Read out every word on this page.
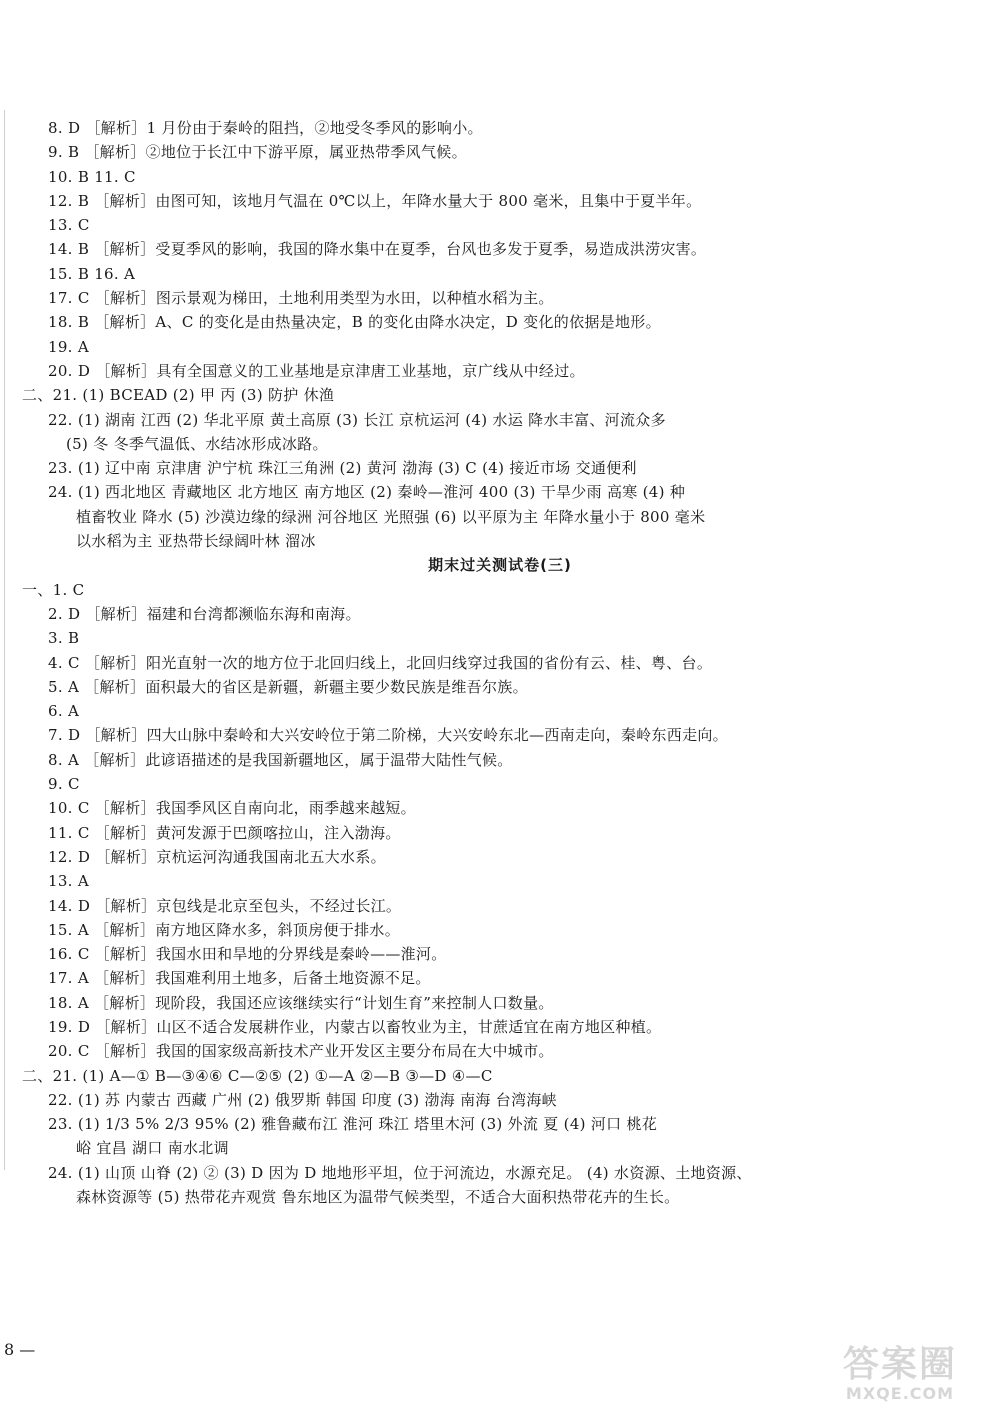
8. D ［解析］1 月份由于秦岭的阻挡，②地受冬季风的影响小。
9. B ［解析］②地位于长江中下游平原，属亚热带季风气候。
10. B 11. C
12. B ［解析］由图可知，该地月气温在 0℃以上，年降水量大于 800 毫米，且集中于夏半年。
13. C
14. B ［解析］受夏季风的影响，我国的降水集中在夏季，台风也多发于夏季，易造成洪涝灾害。
15. B 16. A
17. C ［解析］图示景观为梯田，土地利用类型为水田，以种植水稻为主。
18. B ［解析］A、C 的变化是由热量决定，B 的变化由降水决定，D 变化的依据是地形。
19. A
20. D ［解析］具有全国意义的工业基地是京津唐工业基地，京广线从中经过。
二、21. (1) BCEAD (2) 甲 丙 (3) 防护 休渔
22. (1) 湖南 江西 (2) 华北平原 黄土高原 (3) 长江 京杭运河 (4) 水运 降水丰富、河流众多
(5) 冬 冬季气温低、水结冰形成冰路。
23. (1) 辽中南 京津唐 沪宁杭 珠江三角洲 (2) 黄河 渤海 (3) C (4) 接近市场 交通便利
24. (1) 西北地区 青藏地区 北方地区 南方地区 (2) 秦岭—淮河 400 (3) 干旱少雨 高寒 (4) 种
植畜牧业 降水 (5) 沙漠边缘的绿洲 河谷地区 光照强 (6) 以平原为主 年降水量小于 800 毫米
以水稻为主 亚热带长绿阔叶林 溜冰
期末过关测试卷(三)
一、1. C
2. D ［解析］福建和台湾都濒临东海和南海。
3. B
4. C ［解析］阳光直射一次的地方位于北回归线上，北回归线穿过我国的省份有云、桂、粤、台。
5. A ［解析］面积最大的省区是新疆，新疆主要少数民族是维吾尔族。
6. A
7. D ［解析］四大山脉中秦岭和大兴安岭位于第二阶梯，大兴安岭东北—西南走向，秦岭东西走向。
8. A ［解析］此谚语描述的是我国新疆地区，属于温带大陆性气候。
9. C
10. C ［解析］我国季风区自南向北，雨季越来越短。
11. C ［解析］黄河发源于巴颜喀拉山，注入渤海。
12. D ［解析］京杭运河沟通我国南北五大水系。
13. A
14. D ［解析］京包线是北京至包头，不经过长江。
15. A ［解析］南方地区降水多，斜顶房便于排水。
16. C ［解析］我国水田和旱地的分界线是秦岭——淮河。
17. A ［解析］我国难利用土地多，后备土地资源不足。
18. A ［解析］现阶段，我国还应该继续实行“计划生育”来控制人口数量。
19. D ［解析］山区不适合发展耕作业，内蒙古以畜牧业为主，甘蔗适宜在南方地区种植。
20. C ［解析］我国的国家级高新技术产业开发区主要分布局在大中城市。
二、21. (1) A—① B—③④⑥ C—②⑤ (2) ①—A ②—B ③—D ④—C
22. (1) 苏 内蒙古 西藏 广州 (2) 俄罗斯 韩国 印度 (3) 渤海 南海 台湾海峡
23. (1) 1/3 5% 2/3 95% (2) 雅鲁藏布江 淮河 珠江 塔里木河 (3) 外流 夏 (4) 河口 桃花
峪 宜昌 湖口 南水北调
24. (1) 山顶 山脊 (2) ② (3) D 因为 D 地地形平坦，位于河流边，水源充足。 (4) 水资源、土地资源、
森林资源等 (5) 热带花卉观赏 鲁东地区为温带气候类型，不适合大面积热带花卉的生长。
8 —	答案圈
MXQE.COM
